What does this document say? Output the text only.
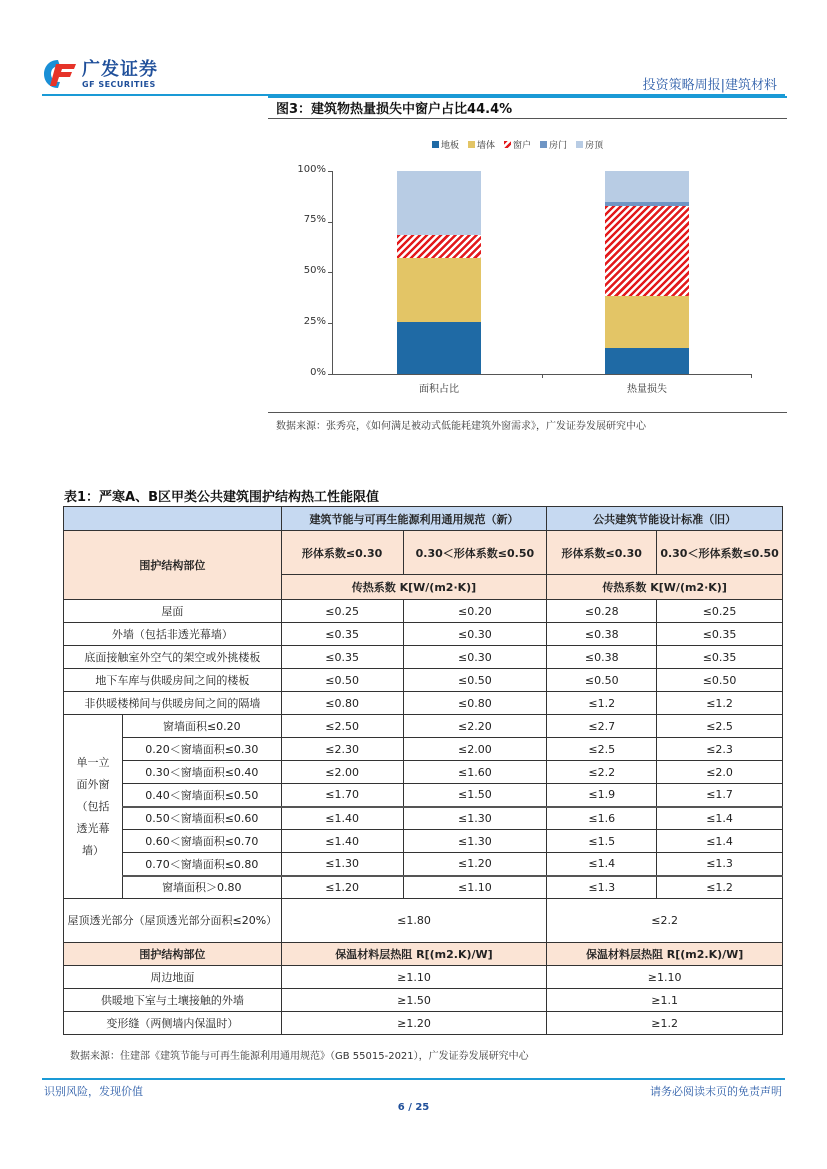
广发证券
GF SECURITIES	投资策略周报|建筑材料
图3：建筑物热量损失中窗户占比44.4%
地板 墙体 窗户 房门 房顶
0%
25%
50%
75%
100%
面积占比	热量损失
数据来源：张秀亮，《如何满足被动式低能耗建筑外窗需求》，广发证券发展研究中心
表1：严寒A、B区甲类公共建筑围护结构热工性能限值
		建筑节能与可再生能源利用通用规范（新）		公共建筑节能设计标准（旧）	
围护结构部位		形体系数≤0.30	0.30＜形体系数≤0.50	形体系数≤0.30	0.30＜形体系数≤0.50
		传热系数 K[W/(m2·K)]		传热系数 K[W/(m2·K)]	
屋面		≤0.25	≤0.20	≤0.28	≤0.25
外墙（包括非透光幕墙）		≤0.35	≤0.30	≤0.38	≤0.35
底面接触室外空气的架空或外挑楼板		≤0.35	≤0.30	≤0.38	≤0.35
地下车库与供暖房间之间的楼板		≤0.50	≤0.50	≤0.50	≤0.50
非供暖楼梯间与供暖房间之间的隔墙		≤0.80	≤0.80	≤1.2	≤1.2
单一立面外窗（包括透光幕墙）	窗墙面积≤0.20	≤2.50	≤2.20	≤2.7	≤2.5
	0.20＜窗墙面积≤0.30	≤2.30	≤2.00	≤2.5	≤2.3
	0.30＜窗墙面积≤0.40	≤2.00	≤1.60	≤2.2	≤2.0
	0.40＜窗墙面积≤0.50	≤1.70	≤1.50	≤1.9	≤1.7
	0.50＜窗墙面积≤0.60	≤1.40	≤1.30	≤1.6	≤1.4
	0.60＜窗墙面积≤0.70	≤1.40	≤1.30	≤1.5	≤1.4
	0.70＜窗墙面积≤0.80	≤1.30	≤1.20	≤1.4	≤1.3
	窗墙面积＞0.80	≤1.20	≤1.10	≤1.3	≤1.2
屋顶透光部分（屋顶透光部分面积≤20%）		≤1.80		≤2.2	
围护结构部位		保温材料层热阻 R[(m2.K)/W]		保温材料层热阻 R[(m2.K)/W]	
周边地面		≥1.10		≥1.10	
供暖地下室与土壤接触的外墙		≥1.50		≥1.1	
变形缝（两侧墙内保温时）		≥1.20		≥1.2	
数据来源：住建部《建筑节能与可再生能源利用通用规范》（GB 55015-2021），广发证券发展研究中心
识别风险，发现价值	请务必阅读末页的免责声明
6 / 25
